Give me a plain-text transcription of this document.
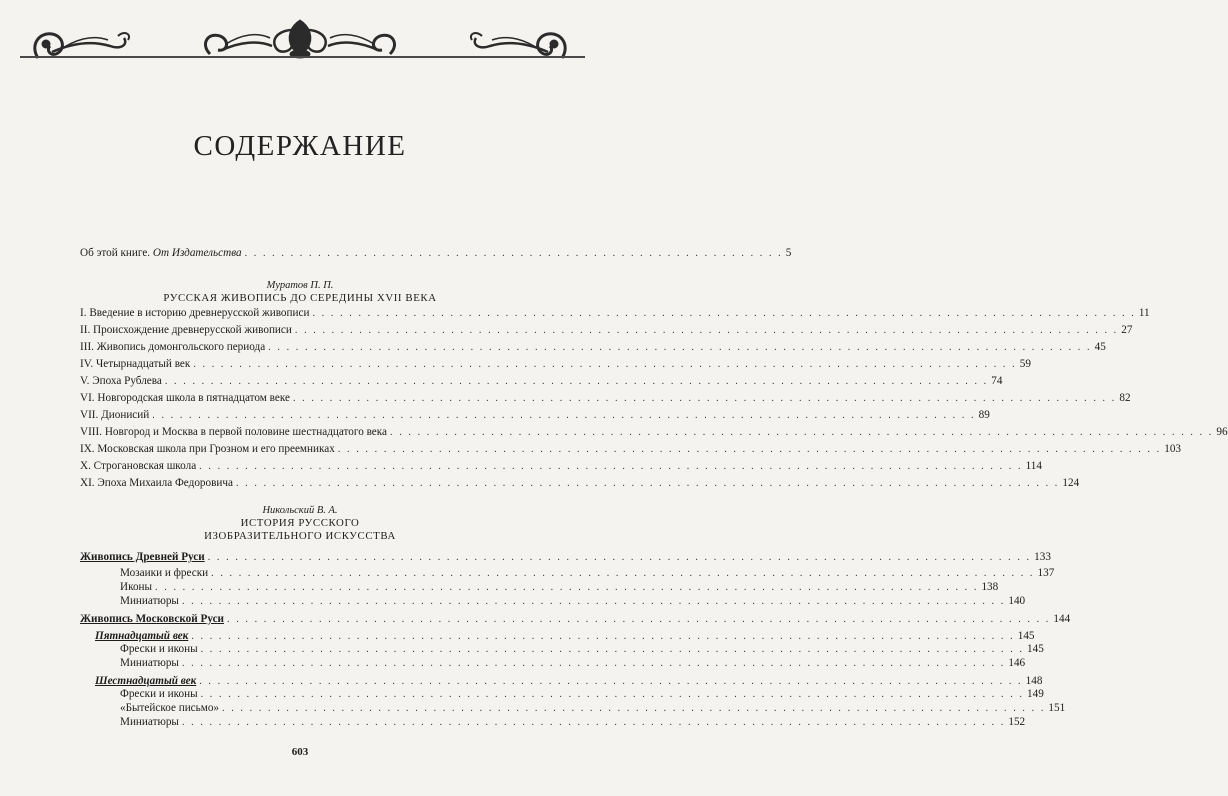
СОДЕРЖАНИЕ
Об этой книге. От Издательства . . . . . . . . . . . . . . . . . . . . . . . . . . . . . . . . . . . . . . . . . . . . . . . . . . . . . . . . . . . 5
Муратов П. П.
РУССКАЯ ЖИВОПИСЬ ДО СЕРЕДИНЫ XVII ВЕКА
I. Введение в историю древнерусской живописи . . . . . . . . . . . . . . . . . . . . . . . . . . . . . . . . . . . . . . . . . . . . . . . . . . . . . . . . . . . . . . . . . . . . . . . . . . . . . . . . . . . . . . . . . . 11
II. Происхождение древнерусской живописи . . . . . . . . . . . . . . . . . . . . . . . . . . . . . . . . . . . . . . . . . . . . . . . . . . . . . . . . . . . . . . . . . . . . . . . . . . . . . . . . . . . . . . . . . . 27
III. Живопись домонгольского периода . . . . . . . . . . . . . . . . . . . . . . . . . . . . . . . . . . . . . . . . . . . . . . . . . . . . . . . . . . . . . . . . . . . . . . . . . . . . . . . . . . . . . . . . . . 45
IV. Четырнадцатый век . . . . . . . . . . . . . . . . . . . . . . . . . . . . . . . . . . . . . . . . . . . . . . . . . . . . . . . . . . . . . . . . . . . . . . . . . . . . . . . . . . . . . . . . . . 59
V. Эпоха Рублева . . . . . . . . . . . . . . . . . . . . . . . . . . . . . . . . . . . . . . . . . . . . . . . . . . . . . . . . . . . . . . . . . . . . . . . . . . . . . . . . . . . . . . . . . . 74
VI. Новгородская школа в пятнадцатом веке . . . . . . . . . . . . . . . . . . . . . . . . . . . . . . . . . . . . . . . . . . . . . . . . . . . . . . . . . . . . . . . . . . . . . . . . . . . . . . . . . . . . . . . . . . 82
VII. Дионисий . . . . . . . . . . . . . . . . . . . . . . . . . . . . . . . . . . . . . . . . . . . . . . . . . . . . . . . . . . . . . . . . . . . . . . . . . . . . . . . . . . . . . . . . . . 89
VIII. Новгород и Москва в первой половине шестнадцатого века . . . . . . . . . . . . . . . . . . . . . . . . . . . . . . . . . . . . . . . . . . . . . . . . . . . . . . . . . . . . . . . . . . . . . . . . . . . . . . . . . . . . . . . . . . 96
IX. Московская школа при Грозном и его преемниках . . . . . . . . . . . . . . . . . . . . . . . . . . . . . . . . . . . . . . . . . . . . . . . . . . . . . . . . . . . . . . . . . . . . . . . . . . . . . . . . . . . . . . . . . . 103
X. Строгановская школа . . . . . . . . . . . . . . . . . . . . . . . . . . . . . . . . . . . . . . . . . . . . . . . . . . . . . . . . . . . . . . . . . . . . . . . . . . . . . . . . . . . . . . . . . . 114
XI. Эпоха Михаила Федоровича . . . . . . . . . . . . . . . . . . . . . . . . . . . . . . . . . . . . . . . . . . . . . . . . . . . . . . . . . . . . . . . . . . . . . . . . . . . . . . . . . . . . . . . . . . 124
Никольский В. А.
ИСТОРИЯ РУССКОГО
ИЗОБРАЗИТЕЛЬНОГО ИСКУССТВА
Живопись Древней Руси . . . . . . . . . . . . . . . . . . . . . . . . . . . . . . . . . . . . . . . . . . . . . . . . . . . . . . . . . . . . . . . . . . . . . . . . . . . . . . . . . . . . . . . . . . 133
Мозаики и фрески . . . . . . . . . . . . . . . . . . . . . . . . . . . . . . . . . . . . . . . . . . . . . . . . . . . . . . . . . . . . . . . . . . . . . . . . . . . . . . . . . . . . . . . . . . 137
Иконы . . . . . . . . . . . . . . . . . . . . . . . . . . . . . . . . . . . . . . . . . . . . . . . . . . . . . . . . . . . . . . . . . . . . . . . . . . . . . . . . . . . . . . . . . . 138
Миниатюры . . . . . . . . . . . . . . . . . . . . . . . . . . . . . . . . . . . . . . . . . . . . . . . . . . . . . . . . . . . . . . . . . . . . . . . . . . . . . . . . . . . . . . . . . . 140
Живопись Московской Руси . . . . . . . . . . . . . . . . . . . . . . . . . . . . . . . . . . . . . . . . . . . . . . . . . . . . . . . . . . . . . . . . . . . . . . . . . . . . . . . . . . . . . . . . . . 144
Пятнадцатый век . . . . . . . . . . . . . . . . . . . . . . . . . . . . . . . . . . . . . . . . . . . . . . . . . . . . . . . . . . . . . . . . . . . . . . . . . . . . . . . . . . . . . . . . . . 145
Фрески и иконы . . . . . . . . . . . . . . . . . . . . . . . . . . . . . . . . . . . . . . . . . . . . . . . . . . . . . . . . . . . . . . . . . . . . . . . . . . . . . . . . . . . . . . . . . . 145
Миниатюры . . . . . . . . . . . . . . . . . . . . . . . . . . . . . . . . . . . . . . . . . . . . . . . . . . . . . . . . . . . . . . . . . . . . . . . . . . . . . . . . . . . . . . . . . . 146
Шестнадцатый век . . . . . . . . . . . . . . . . . . . . . . . . . . . . . . . . . . . . . . . . . . . . . . . . . . . . . . . . . . . . . . . . . . . . . . . . . . . . . . . . . . . . . . . . . . 148
Фрески и иконы . . . . . . . . . . . . . . . . . . . . . . . . . . . . . . . . . . . . . . . . . . . . . . . . . . . . . . . . . . . . . . . . . . . . . . . . . . . . . . . . . . . . . . . . . . 149
«Бытейское письмо» . . . . . . . . . . . . . . . . . . . . . . . . . . . . . . . . . . . . . . . . . . . . . . . . . . . . . . . . . . . . . . . . . . . . . . . . . . . . . . . . . . . . . . . . . . 151
Миниатюры . . . . . . . . . . . . . . . . . . . . . . . . . . . . . . . . . . . . . . . . . . . . . . . . . . . . . . . . . . . . . . . . . . . . . . . . . . . . . . . . . . . . . . . . . . 152
603
